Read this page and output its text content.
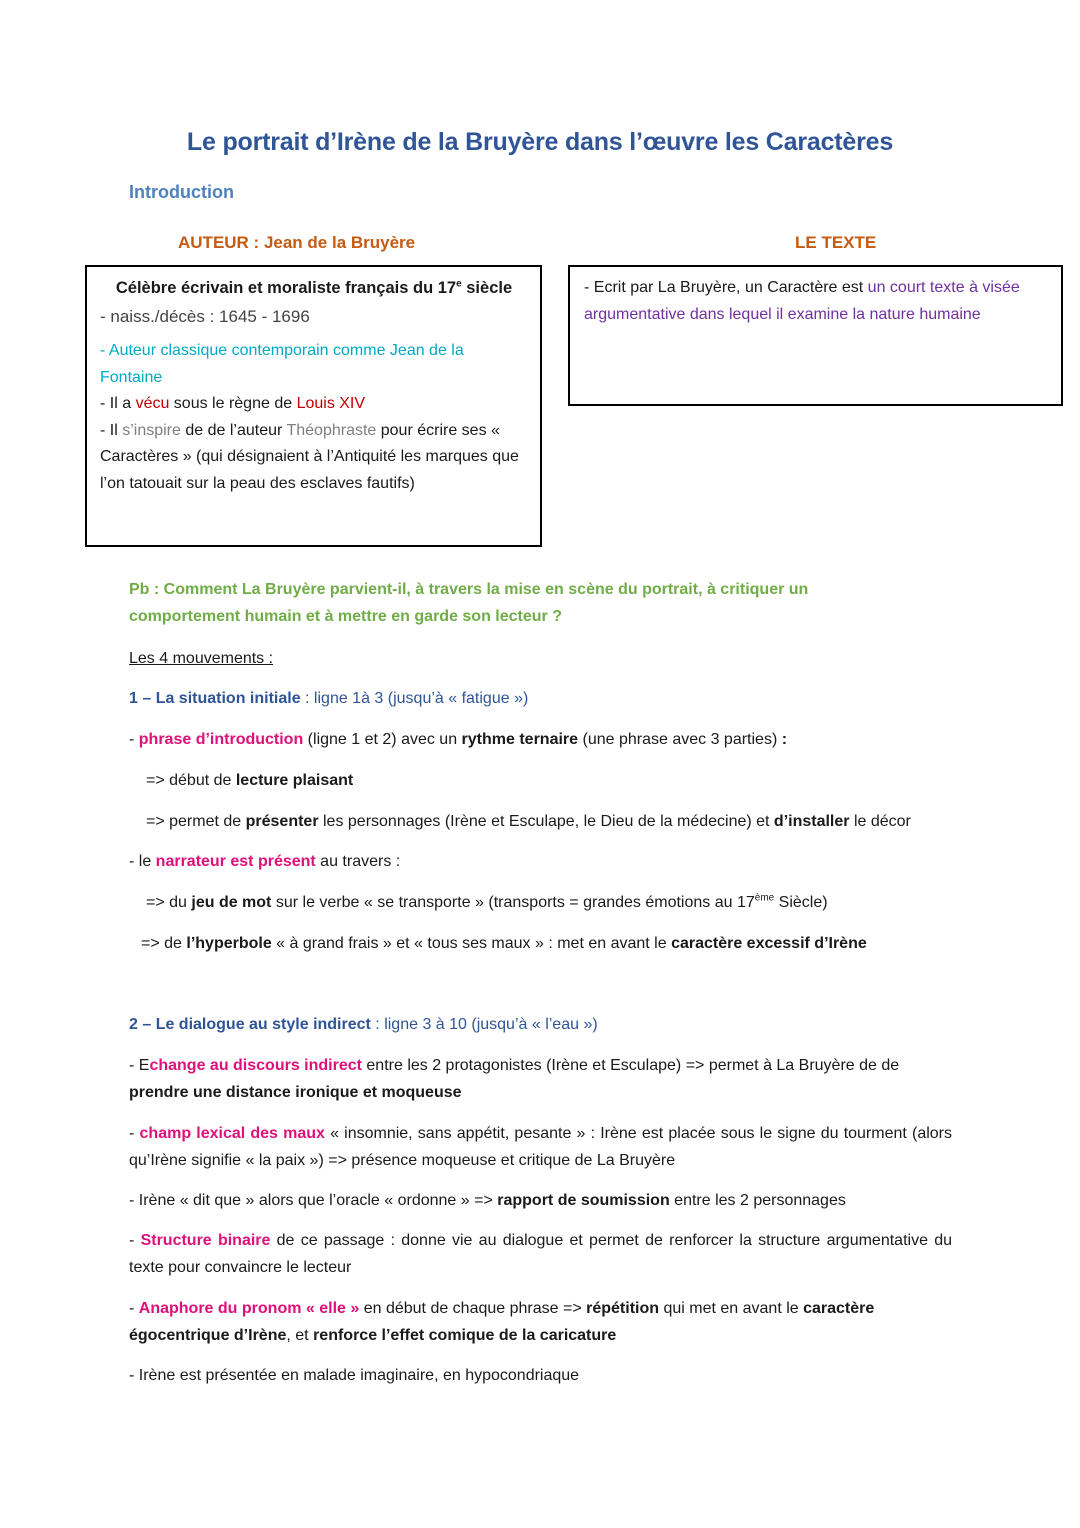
Le portrait d’Irène de la Bruyère dans l’œuvre les Caractères
Introduction
AUTEUR : Jean de la Bruyère	LE TEXTE

Célèbre écrivain et moraliste français du 17e siècle

- naiss./décès : 1645 - 1696

- Auteur classique contemporain comme Jean de la Fontaine

- Il a vécu sous le règne de Louis XIV

- Il s’inspire de de l’auteur Théophraste pour écrire ses « Caractères » (qui désignaient à l’Antiquité les marques que l’on tatouait sur la peau des esclaves fautifs)

- Ecrit par La Bruyère, un Caractère est un court texte à visée argumentative dans lequel il examine la nature humaine

Pb : Comment La Bruyère parvient-il, à travers la mise en scène du portrait, à critiquer un comportement humain et à mettre en garde son lecteur ?

Les 4 mouvements :

1 – La situation initiale : ligne 1à 3 (jusqu’à « fatigue »)

- phrase d’introduction (ligne 1 et 2) avec un rythme ternaire (une phrase avec 3 parties) :

=> début de lecture plaisant

=> permet de présenter les personnages (Irène et Esculape, le Dieu de la médecine) et d’installer le décor

- le narrateur est présent au travers :

=> du jeu de mot sur le verbe « se transporte » (transports = grandes émotions au 17ème Siècle)

=> de l’hyperbole « à grand frais » et « tous ses maux » : met en avant le caractère excessif d’Irène

2 – Le dialogue au style indirect : ligne 3 à 10 (jusqu’à « l’eau »)

- Echange au discours indirect entre les 2 protagonistes (Irène et Esculape) => permet à La Bruyère de de prendre une distance ironique et moqueuse

- champ lexical des maux « insomnie, sans appétit, pesante » : Irène est placée sous le signe du tourment (alors qu’Irène signifie « la paix ») => présence moqueuse et critique de La Bruyère

- Irène « dit que » alors que l’oracle « ordonne » => rapport de soumission entre les 2 personnages

- Structure binaire de ce passage : donne vie au dialogue et permet de renforcer la structure argumentative du texte pour convaincre le lecteur

- Anaphore du pronom « elle » en début de chaque phrase => répétition qui met en avant le caractère égocentrique d’Irène, et renforce l’effet comique de la caricature

- Irène est présentée en malade imaginaire, en hypocondriaque
